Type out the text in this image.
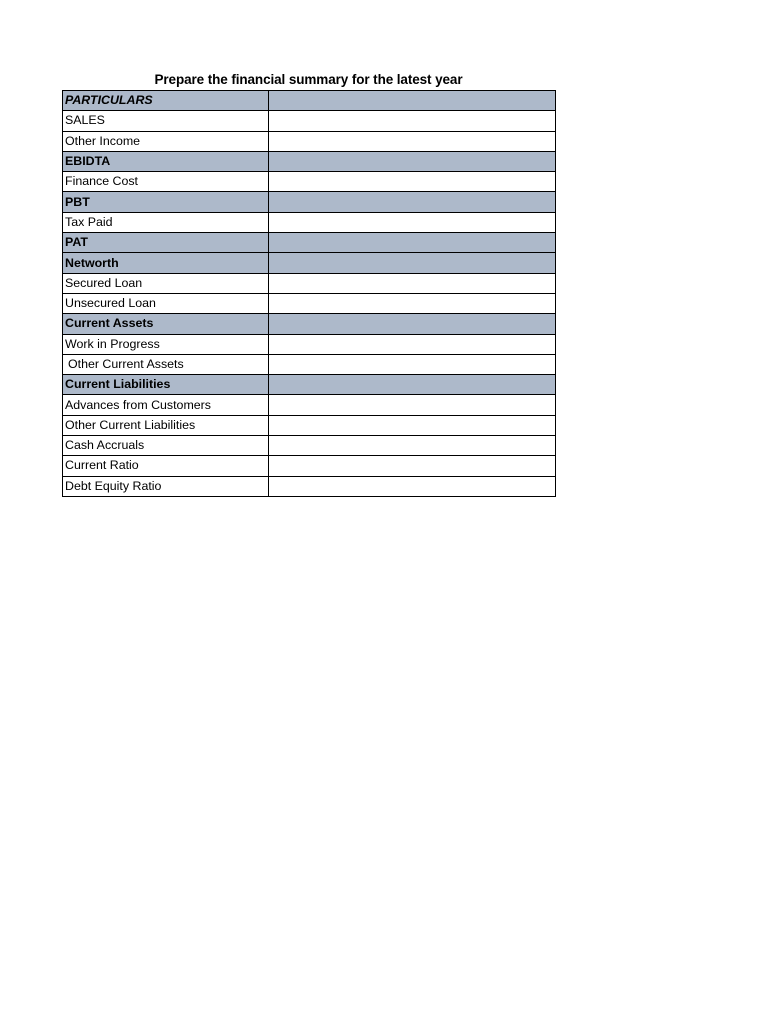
Prepare the financial summary for the latest year
PARTICULARS	
SALES	
Other Income	
EBIDTA	
Finance Cost	
PBT	
Tax Paid	
PAT	
Networth	
Secured Loan	
Unsecured Loan	
Current Assets	
Work in Progress	
Other Current Assets	
Current Liabilities	
Advances from Customers	
Other Current Liabilities	
Cash Accruals	
Current Ratio	
Debt Equity Ratio	
